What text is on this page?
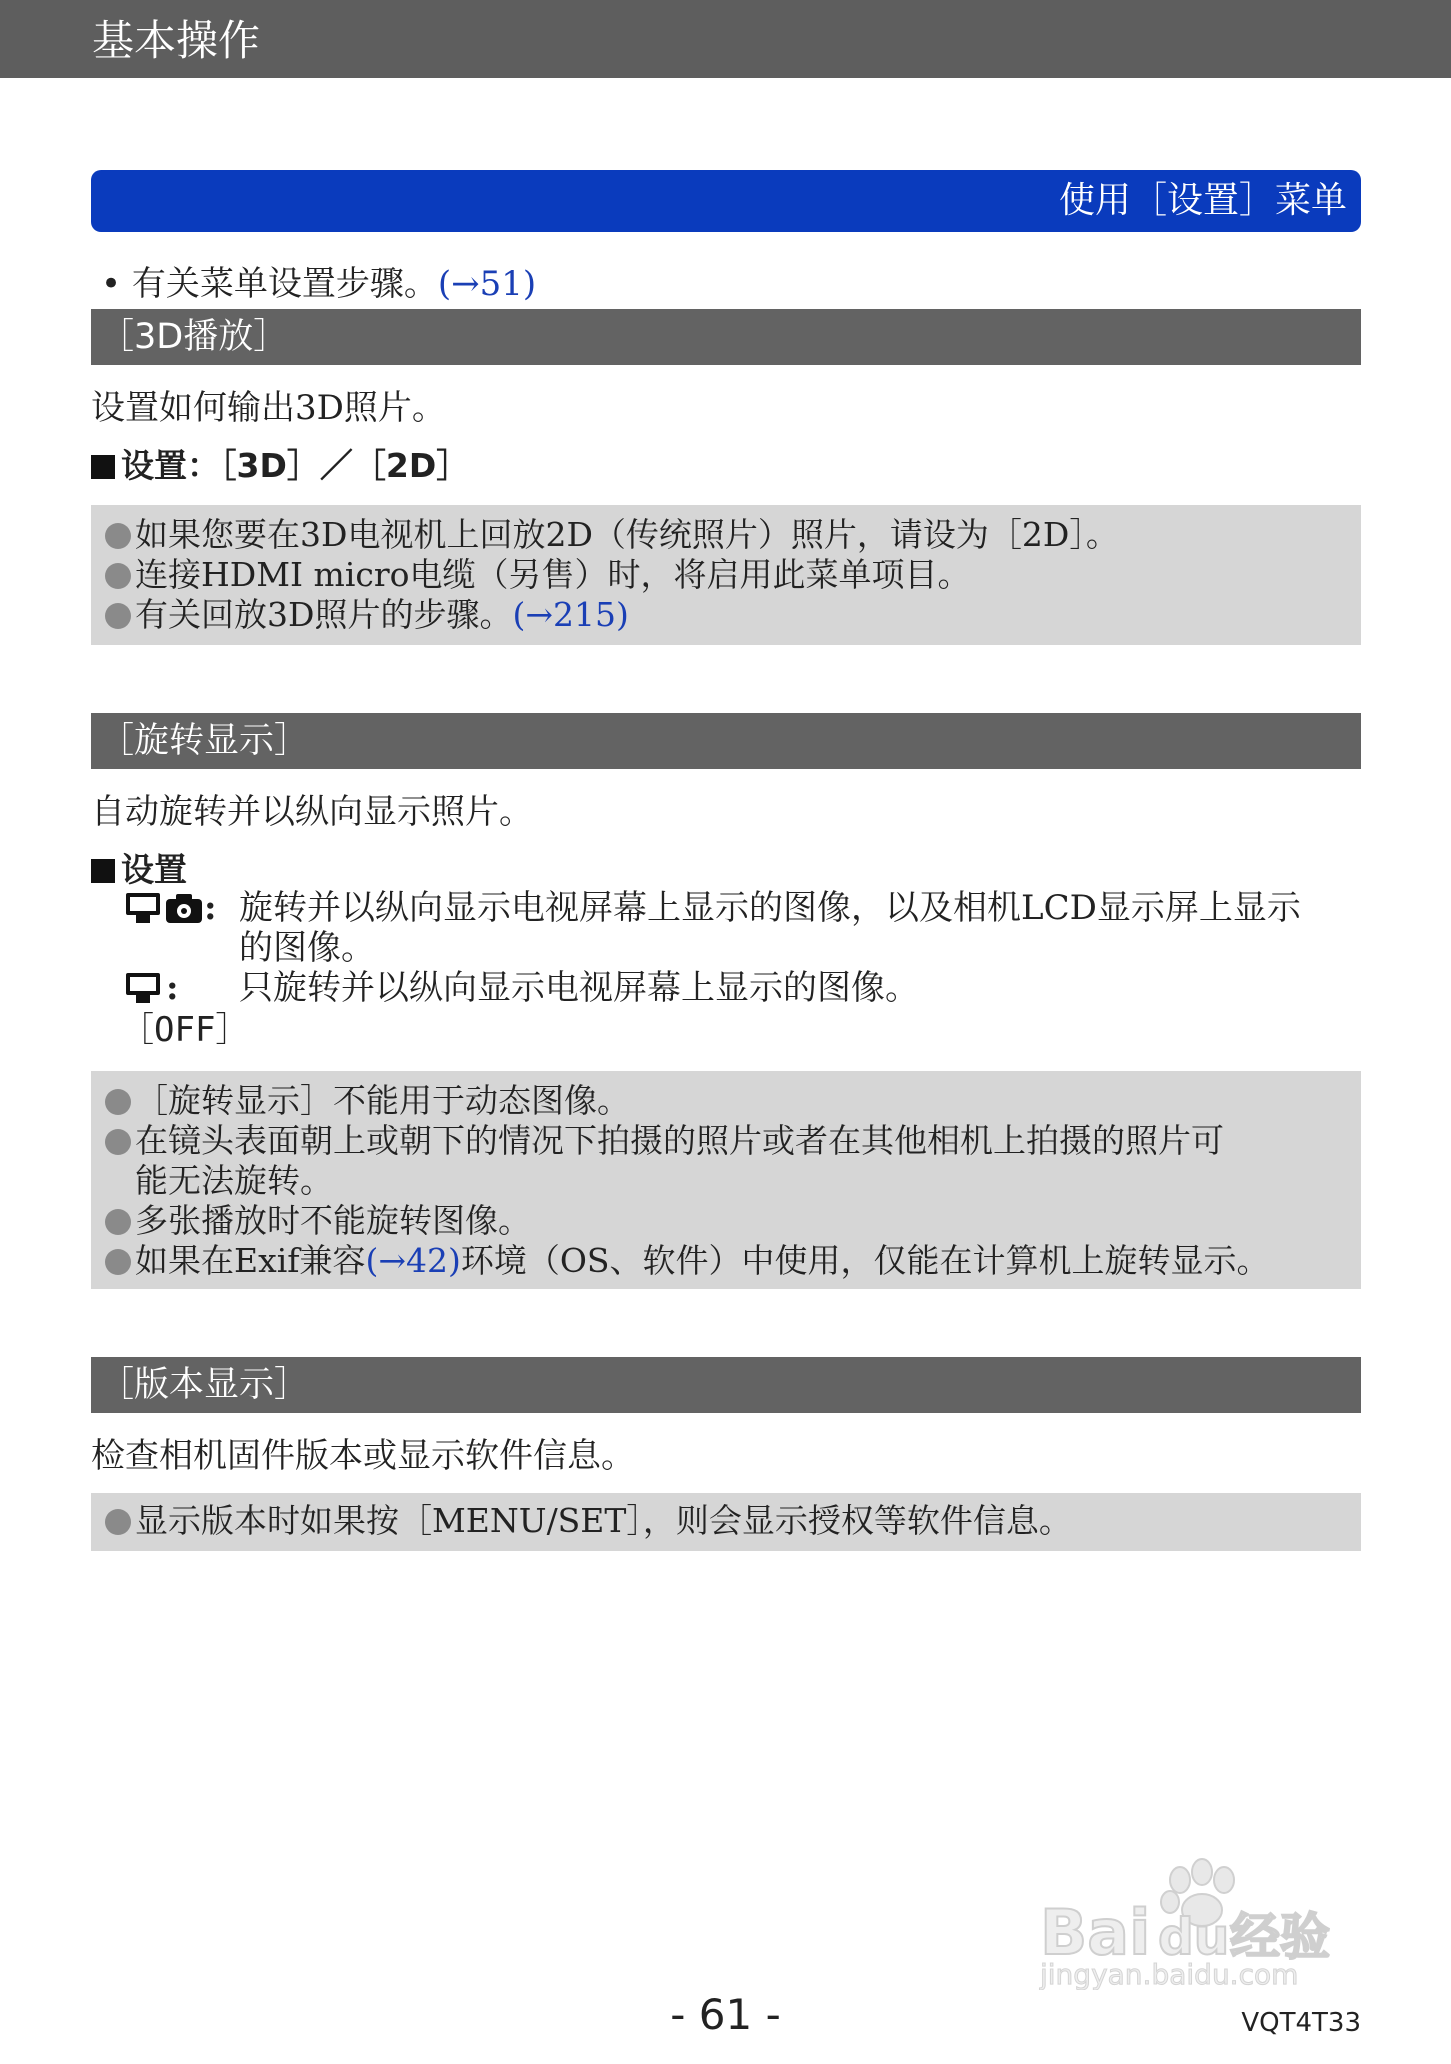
基本操作
使用［设置］菜单
• 有关菜单设置步骤。(→51)
［3D播放］
设置如何输出3D照片。
设置：［3D］／［2D］
如果您要在3D电视机上回放2D（传统照片）照片，请设为［2D］。
连接HDMI micro电缆（另售）时，将启用此菜单项目。
有关回放3D照片的步骤。(→215)
［旋转显示］
自动旋转并以纵向显示照片。
设置
: 旋转并以纵向显示电视屏幕上显示的图像，以及相机LCD显示屏上显示
的图像。
: 只旋转并以纵向显示电视屏幕上显示的图像。
［OFF］
［旋转显示］不能用于动态图像。
在镜头表面朝上或朝下的情况下拍摄的照片或者在其他相机上拍摄的照片可
能无法旋转。
多张播放时不能旋转图像。
如果在Exif兼容(→42)环境（OS、软件）中使用，仅能在计算机上旋转显示。
［版本显示］
检查相机固件版本或显示软件信息。
显示版本时如果按［MENU/SET］，则会显示授权等软件信息。
Bai du 经验
jingyan.baidu.com
- 61 -	VQT4T33
